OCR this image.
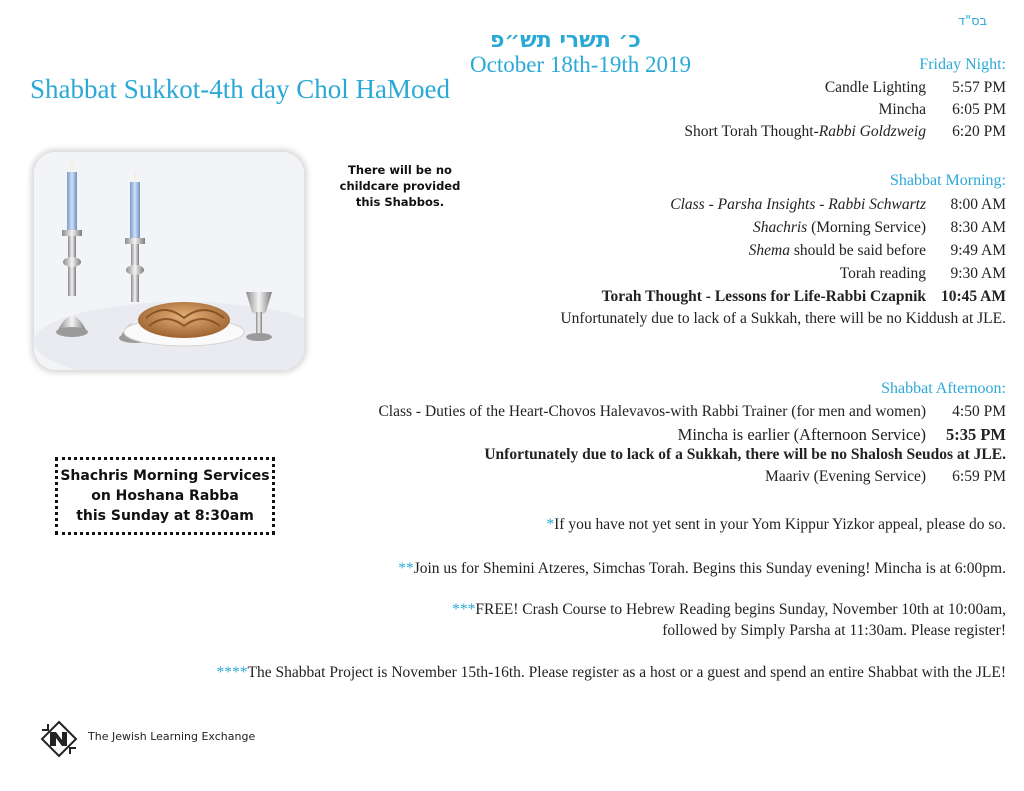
בס"ד
כ׳ תשרי תש״פ
October 18th-19th 2019
Shabbat Sukkot-4th day Chol HaMoed
There will be no childcare provided this Shabbos.
Shachris Morning Services
on Hoshana Rabba
this Sunday at 8:30am
Friday Night:
Candle Lighting	5:57 PM
Mincha	6:05 PM
Short Torah Thought-Rabbi Goldzweig	6:20 PM
Shabbat Morning:
Class - Parsha Insights - Rabbi Schwartz	8:00 AM
Shachris (Morning Service)	8:30 AM
Shema should be said before	9:49 AM
Torah reading	9:30 AM
Torah Thought - Lessons for Life-Rabbi Czapnik 10:45 AM
Unfortunately due to lack of a Sukkah, there will be no Kiddush at JLE.
Shabbat Afternoon:
Class - Duties of the Heart-Chovos Halevavos-with Rabbi Trainer (for men and women)	4:50 PM
Mincha is earlier (Afternoon Service)	5:35 PM
Unfortunately due to lack of a Sukkah, there will be no Shalosh Seudos at JLE.
Maariv (Evening Service)	6:59 PM
*If you have not yet sent in your Yom Kippur Yizkor appeal, please do so.
**Join us for Shemini Atzeres, Simchas Torah. Begins this Sunday evening! Mincha is at 6:00pm.
***FREE! Crash Course to Hebrew Reading begins Sunday, November 10th at 10:00am,
followed by Simply Parsha at 11:30am. Please register!
****The Shabbat Project is November 15th-16th. Please register as a host or a guest and spend an entire Shabbat with the JLE!
The Jewish Learning Exchange
